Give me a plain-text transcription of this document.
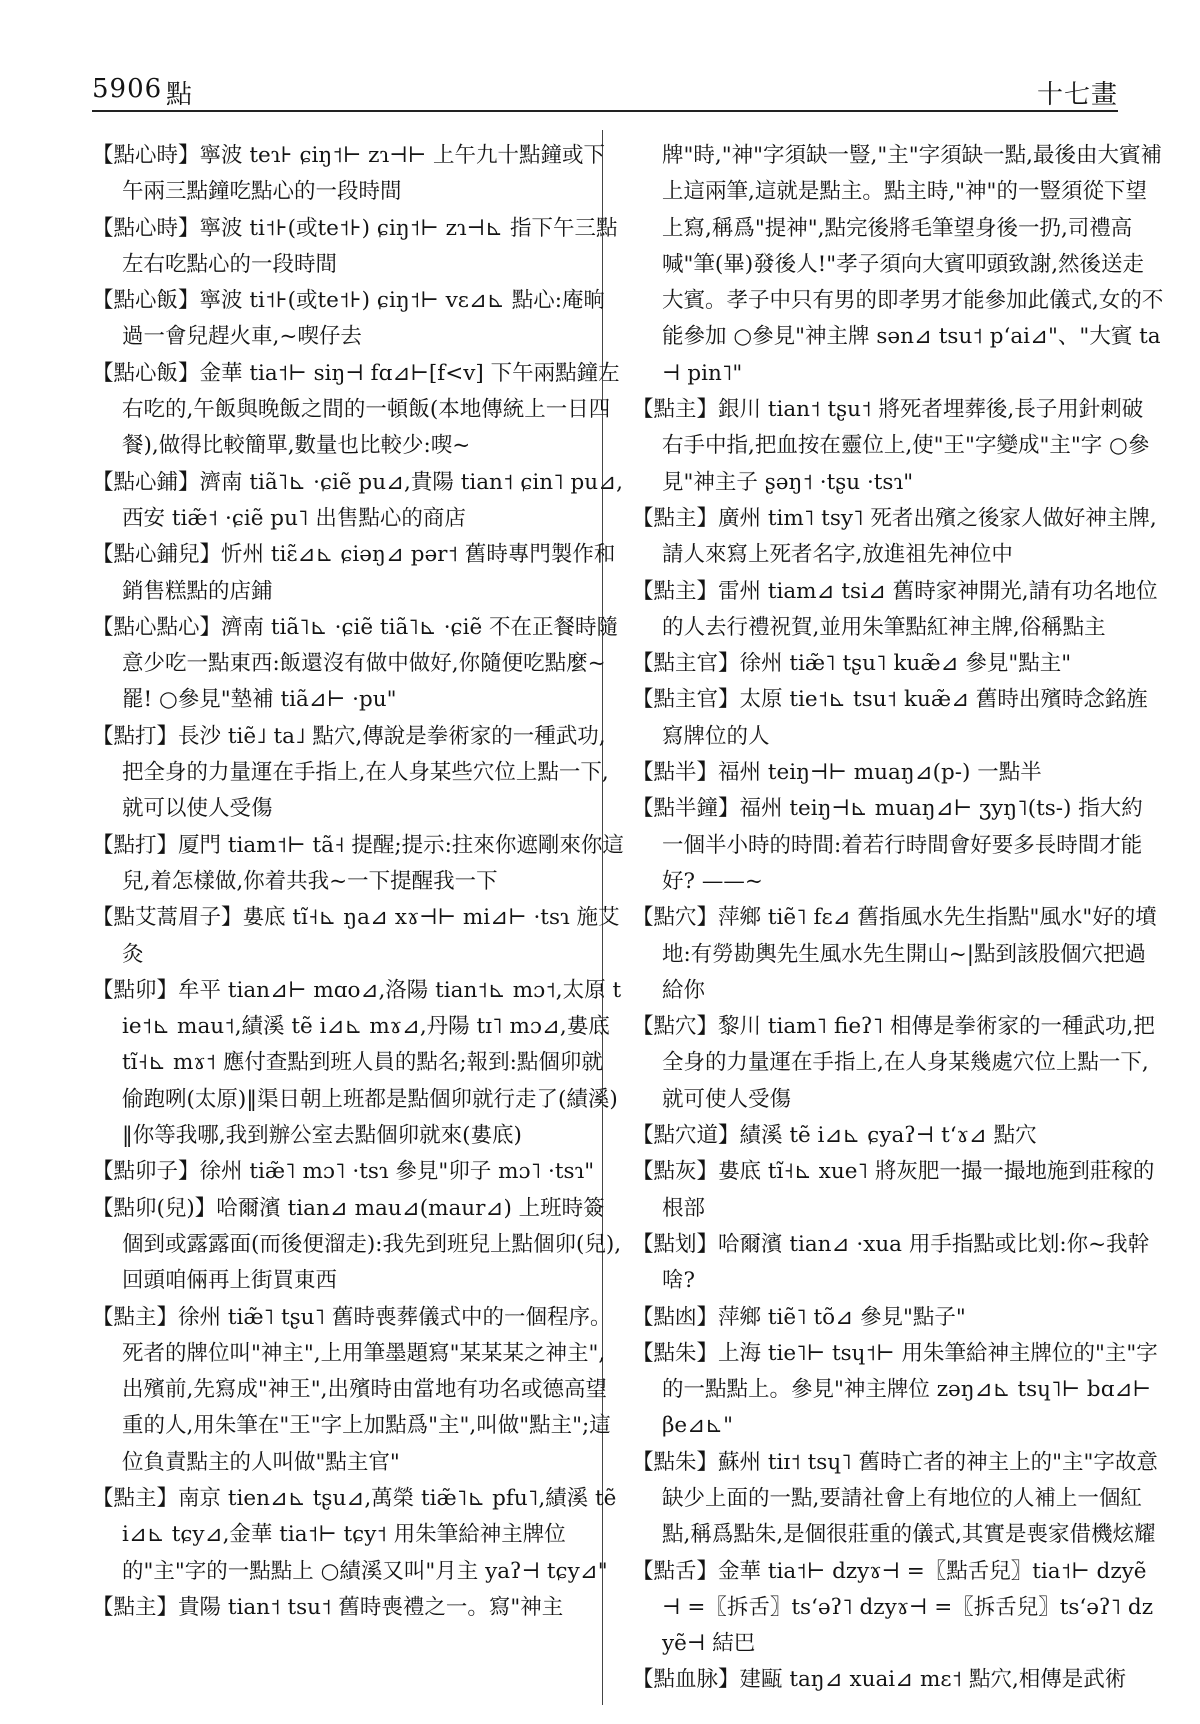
5906 點	十七畫

【點心時】寧波 teɿ⊦ ɕiŋ˦⊢ zɿ⊣⊢ 上午九十點鐘或下午兩三點鐘吃點心的一段時間

【點心時】寧波 ti˦⊦(或te˦⊦) ɕiŋ˦⊢ zɿ⊣⊾ 指下午三點左右吃點心的一段時間

【點心飯】寧波 ti˦⊦(或te˦⊦) ɕiŋ˦⊢ vɛ⊿⊾ 點心:庵晌過一會兒趕火車,~喫仔去

【點心飯】金華 tia˦⊢ siŋ⊣ fɑ⊿⊢[f<v] 下午兩點鐘左右吃的,午飯與晚飯之間的一頓飯(本地傳統上一日四餐),做得比較簡單,數量也比較少:喫~

【點心鋪】濟南 tiã˥⊾ ·ɕiẽ pu⊿,貴陽 tian˦ ɕin˥ pu⊿,西安 tiæ̃˦ ·ɕiẽ pu˥ 出售點心的商店

【點心鋪兒】忻州 tiɛ̃⊿⊾ ɕiəŋ⊿ pər˦ 舊時專門製作和銷售糕點的店鋪

【點心點心】濟南 tiã˥⊾ ·ɕiẽ tiã˥⊾ ·ɕiẽ 不在正餐時隨意少吃一點東西:飯還沒有做中做好,你隨便吃點麼~罷! ○參見"墊補 tiã⊿⊢ ·pu"

【點打】長沙 tiẽ˩ ta˩ 點穴,傳說是拳術家的一種武功,把全身的力量運在手指上,在人身某些穴位上點一下,就可以使人受傷

【點打】厦門 tiam˦⊢ tã˧ 提醒;提示:拄來你遮剛來你這兒,着怎樣做,你着共我~一下提醒我一下

【點艾蒿眉子】婁底 tĩ˧⊾ ŋa⊿ xɤ⊣⊢ mi⊿⊢ ·tsɿ 施艾灸

【點卯】牟平 tian⊿⊢ mɑo⊿,洛陽 tian˦⊾ mɔ˦,太原 tie˦⊾ mau˦,績溪 tẽ i⊿⊾ mɤ⊿,丹陽 tɪ˥ mɔ⊿,婁底 tĩ˧⊾ mɤ˦ 應付查點到班人員的點名;報到:點個卯就偷跑咧(太原)‖渠日朝上班都是點個卯就行走了(績溪)‖你等我哪,我到辦公室去點個卯就來(婁底)

【點卯子】徐州 tiæ̃˥ mɔ˥ ·tsɿ 參見"卯子 mɔ˥ ·tsɿ"

【點卯(兒)】哈爾濱 tian⊿ mau⊿(maur⊿) 上班時簽個到或露露面(而後便溜走):我先到班兒上點個卯(兒),回頭咱倆再上街買東西

【點主】徐州 tiæ̃˥ tʂu˥ 舊時喪葬儀式中的一個程序。死者的牌位叫"神主",上用筆墨題寫"某某某之神主",出殯前,先寫成"神王",出殯時由當地有功名或德高望重的人,用朱筆在"王"字上加點爲"主",叫做"點主";這位負責點主的人叫做"點主官"

【點主】南京 tien⊿⊾ tʂu⊿,萬榮 tiæ̃˥⊾ pfu˥,績溪 tẽ i⊿⊾ tɕy⊿,金華 tia˦⊢ tɕy˦ 用朱筆給神主牌位的"主"字的一點點上 ○績溪又叫"月主 yaʔ⊣ tɕy⊿"

【點主】貴陽 tian˦ tsu˦ 舊時喪禮之一。寫"神主

牌"時,"神"字須缺一豎,"主"字須缺一點,最後由大賓補上這兩筆,這就是點主。點主時,"神"的一豎須從下望上寫,稱爲"提神",點完後將毛筆望身後一扔,司禮高喊"筆(畢)發後人!"孝子須向大賓叩頭致謝,然後送走大賓。孝子中只有男的即孝男才能參加此儀式,女的不能參加 ○參見"神主牌 sən⊿ tsu˦ pʻai⊿"、"大賓 ta⊣ pin˥"

【點主】銀川 tian˦ tʂu˦ 將死者埋葬後,長子用針刺破右手中指,把血按在靈位上,使"王"字變成"主"字 ○參見"神主子 ʂəŋ˦ ·tʂu ·tsɿ"

【點主】廣州 tim˥ tsy˥ 死者出殯之後家人做好神主牌,請人來寫上死者名字,放進祖先神位中

【點主】雷州 tiam⊿ tsi⊿ 舊時家神開光,請有功名地位的人去行禮祝賀,並用朱筆點紅神主牌,俗稱點主

【點主官】徐州 tiæ̃˥ tʂu˥ kuæ̃⊿ 參見"點主"

【點主官】太原 tie˦⊾ tsu˦ kuæ̃⊿ 舊時出殯時念銘旌寫牌位的人

【點半】福州 teiŋ⊣⊢ muaŋ⊿(p-) 一點半

【點半鐘】福州 teiŋ⊣⊾ muaŋ⊿⊢ ʒyŋ˥(ts-) 指大約一個半小時的時間:着若行時間會好要多長時間才能好? ——~

【點穴】萍鄉 tiẽ˥ fɛ⊿ 舊指風水先生指點"風水"好的墳地:有勞勘輿先生風水先生開山~|點到該股個穴把過給你

【點穴】黎川 tiam˥ fieʔ˥ 相傳是拳術家的一種武功,把全身的力量運在手指上,在人身某幾處穴位上點一下,就可使人受傷

【點穴道】績溪 tẽ i⊿⊾ ɕyaʔ⊣ tʻɤ⊿ 點穴

【點灰】婁底 tĩ˧⊾ xue˥ 將灰肥一撮一撮地施到莊稼的根部

【點划】哈爾濱 tian⊿ ·xua 用手指點或比划:你~我幹啥?

【點凼】萍鄉 tiẽ˥ tõ⊿ 參見"點子"

【點朱】上海 tie˥⊢ tsɥ˦⊢ 用朱筆給神主牌位的"主"字的一點點上。參見"神主牌位 zəŋ⊿⊾ tsɥ˥⊢ bɑ⊿⊢ βe⊿⊾"

【點朱】蘇州 tiɪ˦ tsɥ˥ 舊時亡者的神主上的"主"字故意缺少上面的一點,要請社會上有地位的人補上一個紅點,稱爲點朱,是個很莊重的儀式,其實是喪家借機炫耀

【點舌】金華 tia˦⊢ dzyɤ⊣ =〖點舌兒〗tia˦⊢ dzyẽ⊣ =〖拆舌〗tsʻəʔ˥ dzyɤ⊣ =〖拆舌兒〗tsʻəʔ˥ dzyẽ⊣ 結巴

【點血脉】建甌 taŋ⊿ xuai⊿ mɛ˦ 點穴,相傳是武術
